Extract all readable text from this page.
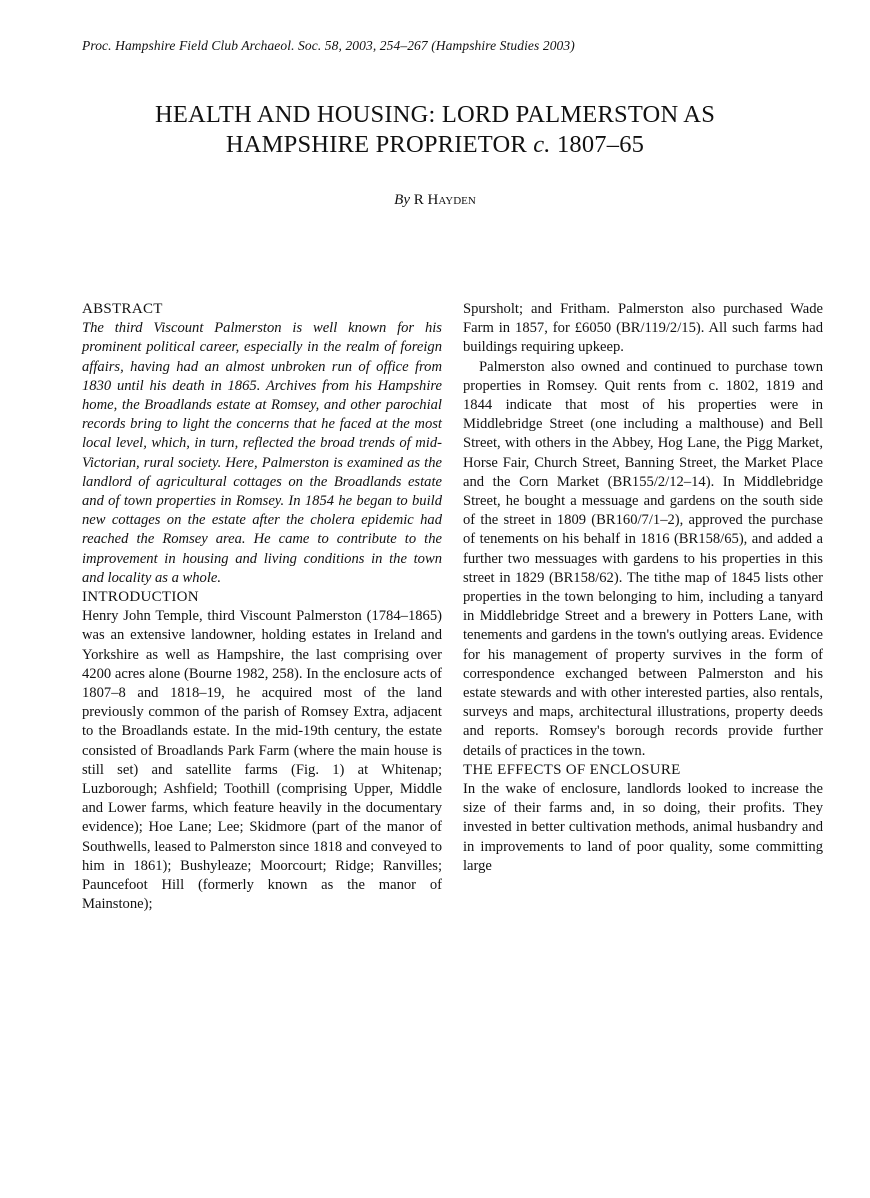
Proc. Hampshire Field Club Archaeol. Soc. 58, 2003, 254–267 (Hampshire Studies 2003)
HEALTH AND HOUSING: LORD PALMERSTON AS
HAMPSHIRE PROPRIETOR c. 1807–65
By R Hayden
ABSTRACT

The third Viscount Palmerston is well known for his prominent political career, especially in the realm of foreign affairs, having had an almost unbroken run of office from 1830 until his death in 1865. Archives from his Hampshire home, the Broadlands estate at Romsey, and other parochial records bring to light the concerns that he faced at the most local level, which, in turn, reflected the broad trends of mid-Victorian, rural society. Here, Palmerston is examined as the landlord of agricultural cottages on the Broadlands estate and of town properties in Romsey. In 1854 he began to build new cottages on the estate after the cholera epidemic had reached the Romsey area. He came to contribute to the improvement in housing and living conditions in the town and locality as a whole.

INTRODUCTION

Henry John Temple, third Viscount Palmerston (1784–1865) was an extensive landowner, holding estates in Ireland and Yorkshire as well as Hampshire, the last comprising over 4200 acres alone (Bourne 1982, 258). In the enclosure acts of 1807–8 and 1818–19, he acquired most of the land previously common of the parish of Romsey Extra, adjacent to the Broadlands estate. In the mid-19th century, the estate consisted of Broadlands Park Farm (where the main house is still set) and satellite farms (Fig. 1) at Whitenap; Luzborough; Ashfield; Toothill (comprising Upper, Middle and Lower farms, which feature heavily in the documentary evidence); Hoe Lane; Lee; Skidmore (part of the manor of Southwells, leased to Palmerston since 1818 and conveyed to him in 1861); Bushyleaze; Moorcourt; Ridge; Ranvilles; Pauncefoot Hill (formerly known as the manor of Mainstone);

Spursholt; and Fritham. Palmerston also purchased Wade Farm in 1857, for £6050 (BR/119/2/15). All such farms had buildings requiring upkeep.

Palmerston also owned and continued to purchase town properties in Romsey. Quit rents from c. 1802, 1819 and 1844 indicate that most of his properties were in Middlebridge Street (one including a malthouse) and Bell Street, with others in the Abbey, Hog Lane, the Pigg Market, Horse Fair, Church Street, Banning Street, the Market Place and the Corn Market (BR155/2/12–14). In Middlebridge Street, he bought a messuage and gardens on the south side of the street in 1809 (BR160/7/1–2), approved the purchase of tenements on his behalf in 1816 (BR158/65), and added a further two messuages with gardens to his properties in this street in 1829 (BR158/62). The tithe map of 1845 lists other properties in the town belonging to him, including a tanyard in Middlebridge Street and a brewery in Potters Lane, with tenements and gardens in the town's outlying areas. Evidence for his management of property survives in the form of correspondence exchanged between Palmerston and his estate stewards and with other interested parties, also rentals, surveys and maps, architectural illustrations, property deeds and reports. Romsey's borough records provide further details of practices in the town.

THE EFFECTS OF ENCLOSURE

In the wake of enclosure, landlords looked to increase the size of their farms and, in so doing, their profits. They invested in better cultivation methods, animal husbandry and in improvements to land of poor quality, some committing large
